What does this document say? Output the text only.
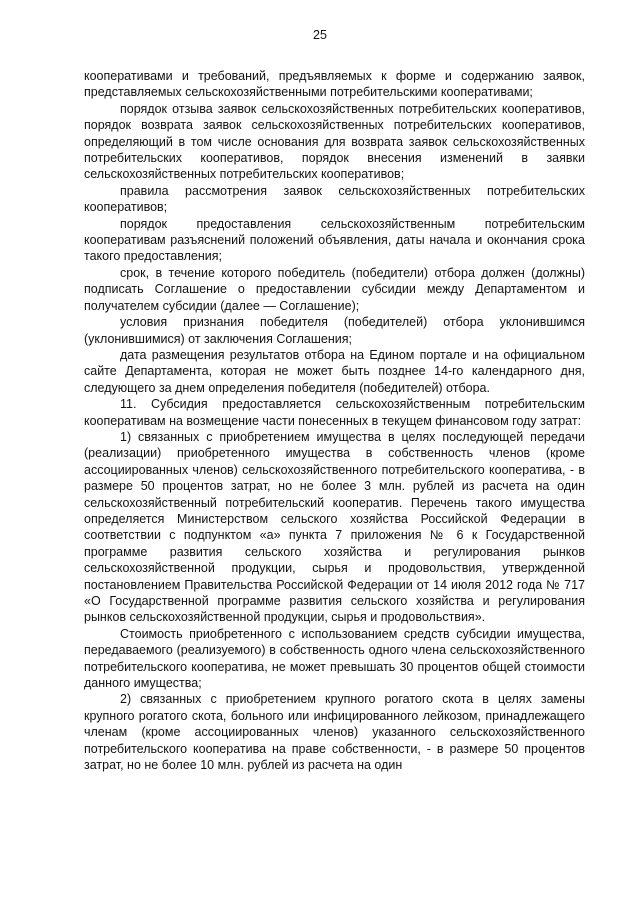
25

кооперативами и требований, предъявляемых к форме и содержанию заявок, представляемых сельскохозяйственными потребительскими кооперативами;

порядок отзыва заявок сельскохозяйственных потребительских кооперативов, порядок возврата заявок сельскохозяйственных потребительских кооперативов, определяющий в том числе основания для возврата заявок сельскохозяйственных потребительских кооперативов, порядок внесения изменений в заявки сельскохозяйственных потребительских кооперативов;

правила рассмотрения заявок сельскохозяйственных потребительских кооперативов;

порядок предоставления сельскохозяйственным потребительским кооперативам разъяснений положений объявления, даты начала и окончания срока такого предоставления;

срок, в течение которого победитель (победители) отбора должен (должны) подписать Соглашение о предоставлении субсидии между Департаментом и получателем субсидии (далее — Соглашение);

условия признания победителя (победителей) отбора уклонившимся (уклонившимися) от заключения Соглашения;

дата размещения результатов отбора на Едином портале и на официальном сайте Департамента, которая не может быть позднее 14-го календарного дня, следующего за днем определения победителя (победителей) отбора.

11. Субсидия предоставляется сельскохозяйственным потребительским кооперативам на возмещение части понесенных в текущем финансовом году затрат:

1) связанных с приобретением имущества в целях последующей передачи (реализации) приобретенного имущества в собственность членов (кроме ассоциированных членов) сельскохозяйственного потребительского кооператива, - в размере 50 процентов затрат, но не более 3 млн. рублей из расчета на один сельскохозяйственный потребительский кооператив. Перечень такого имущества определяется Министерством сельского хозяйства Российской Федерации в соответствии с подпунктом «а» пункта 7 приложения № 6 к Государственной программе развития сельского хозяйства и регулирования рынков сельскохозяйственной продукции, сырья и продовольствия, утвержденной постановлением Правительства Российской Федерации от 14 июля 2012 года № 717 «О Государственной программе развития сельского хозяйства и регулирования рынков сельскохозяйственной продукции, сырья и продовольствия».

Стоимость приобретенного с использованием средств субсидии имущества, передаваемого (реализуемого) в собственность одного члена сельскохозяйственного потребительского кооператива, не может превышать 30 процентов общей стоимости данного имущества;

2) связанных с приобретением крупного рогатого скота в целях замены крупного рогатого скота, больного или инфицированного лейкозом, принадлежащего членам (кроме ассоциированных членов) указанного сельскохозяйственного потребительского кооператива на праве собственности, - в размере 50 процентов затрат, но не более 10 млн. рублей из расчета на один
